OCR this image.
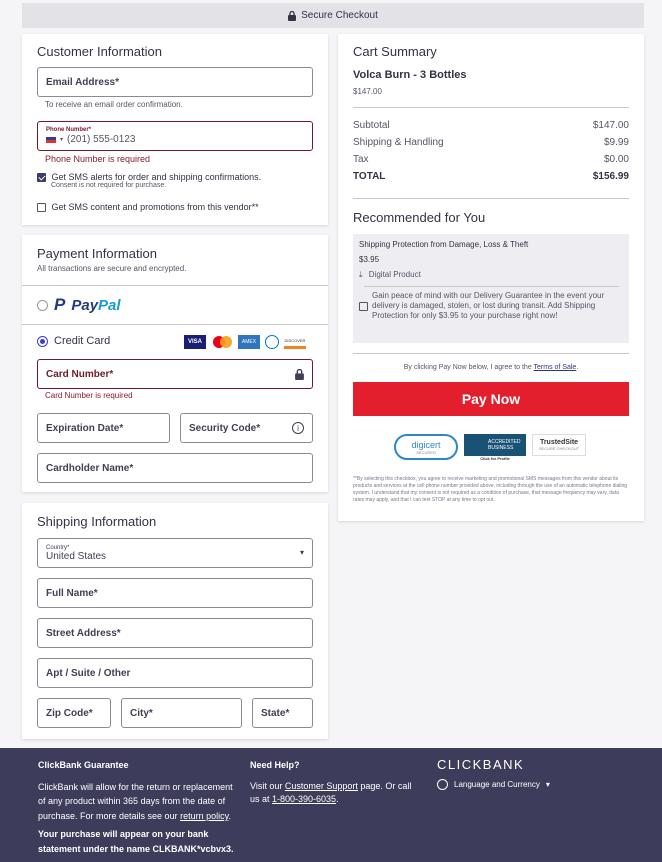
Secure Checkout
Customer Information
Email Address*
To receive an email order confirmation.
Phone Number*
▾ (201) 555-0123
Phone Number is required
Get SMS alerts for order and shipping confirmations.
Consent is not required for purchase.
Get SMS content and promotions from this vendor**
Payment Information
All transactions are secure and encrypted.
P PayPal
Credit Card	VISA	AMEX	DISCOVER
Card Number*
Card Number is required
Expiration Date*	Security Code*	i
Cardholder Name*
Shipping Information
Country*
United States	▾
Full Name*
Street Address*
Apt / Suite / Other
Zip Code*	City*	State*
Cart Summary
Volca Burn - 3 Bottles
$147.00
Subtotal	$147.00
Shipping & Handling	$9.99
Tax	$0.00
TOTAL	$156.99
Recommended for You
Shipping Protection from Damage, Loss & Theft
$3.95
⤓ Digital Product
Gain peace of mind with our Delivery Guarantee in the event your delivery is damaged, stolen, or lost during transit. Add Shipping Protection for only $3.95 to your purchase right now!
By clicking Pay Now below, I agree to the Terms of Sale.
Pay Now
digicert
SECURED
ACCREDITED
BUSINESS
Click for Profile
TrustedSite
SECURE CHECKOUT
**By selecting this checkbox, you agree to receive marketing and promotional SMS messages from this vendor about its products and services at the cell phone number provided above, including through the use of an automatic telephone dialing system. I understand that my consent is not required as a condition of purchase, that message frequency may vary, data rates may apply, and that I can text STOP at any time to opt out.
ClickBank Guarantee
ClickBank will allow for the return or replacement of any product within 365 days from the date of purchase. For more details see our return policy.
Your purchase will appear on your bank statement under the name CLKBANK*vcbvx3.
Need Help?
Visit our Customer Support page. Or call us at 1-800-390-6035.
CLICKBANK
Language and Currency ▾
